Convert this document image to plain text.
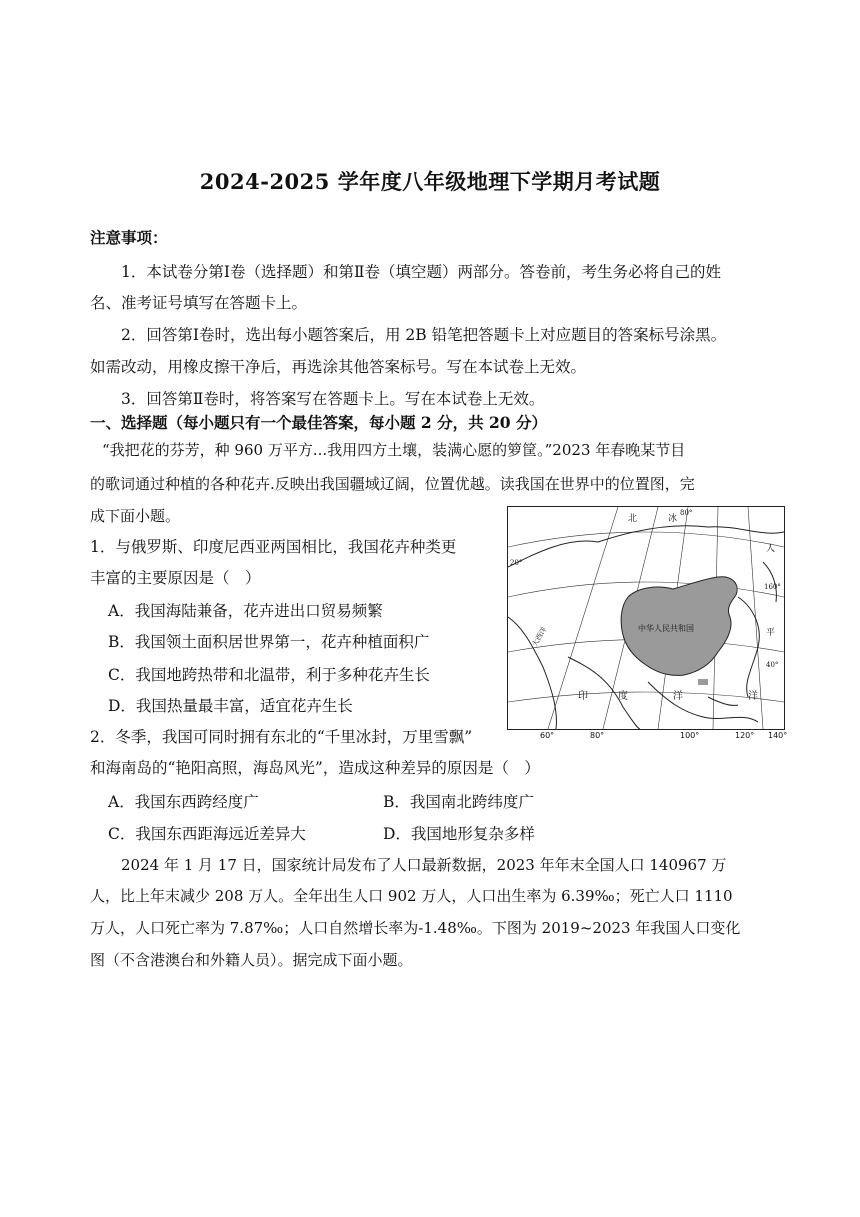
2024-2025 学年度八年级地理下学期月考试题
注意事项：
1．本试卷分第Ⅰ卷（选择题）和第Ⅱ卷（填空题）两部分。答卷前，考生务必将自己的姓
名、准考证号填写在答题卡上。
2．回答第Ⅰ卷时，选出每小题答案后，用 2B 铅笔把答题卡上对应题目的答案标号涂黑。
如需改动，用橡皮擦干净后，再选涂其他答案标号。写在本试卷上无效。
3．回答第Ⅱ卷时，将答案写在答题卡上。写在本试卷上无效。
一、选择题（每小题只有一个最佳答案，每小题 2 分，共 20 分）
“我把花的芬芳，种 960 万平方...我用四方土壤，装满心愿的箩筐。”2023 年春晚某节目
的歌词通过种植的各种花卉.反映出我国疆域辽阔，位置优越。读我国在世界中的位置图，完
成下面小题。
1．与俄罗斯、印度尼西亚两国相比，我国花卉种类更
丰富的主要原因是（　）
A．我国海陆兼备，花卉进出口贸易频繁
B．我国领土面积居世界第一，花卉种植面积广
C．我国地跨热带和北温带，利于多种花卉生长
D．我国热量最丰富，适宜花卉生长
中华人民共和国
北	冰
80°
20°
人
160°
平
40°
大西洋
印	度	洋	洋
60°	80°	100°	120° 140°
2．冬季，我国可同时拥有东北的“千里冰封，万里雪飘”
和海南岛的“艳阳高照，海岛风光”，造成这种差异的原因是（　）
A．我国东西跨经度广	B．我国南北跨纬度广
C．我国东西距海远近差异大	D．我国地形复杂多样
2024 年 1 月 17 日，国家统计局发布了人口最新数据，2023 年年末全国人口 140967 万
人，比上年末减少 208 万人。全年出生人口 902 万人，人口出生率为 6.39‰；死亡人口 1110
万人，人口死亡率为 7.87‰；人口自然增长率为-1.48‰。下图为 2019~2023 年我国人口变化
图（不含港澳台和外籍人员）。据完成下面小题。
